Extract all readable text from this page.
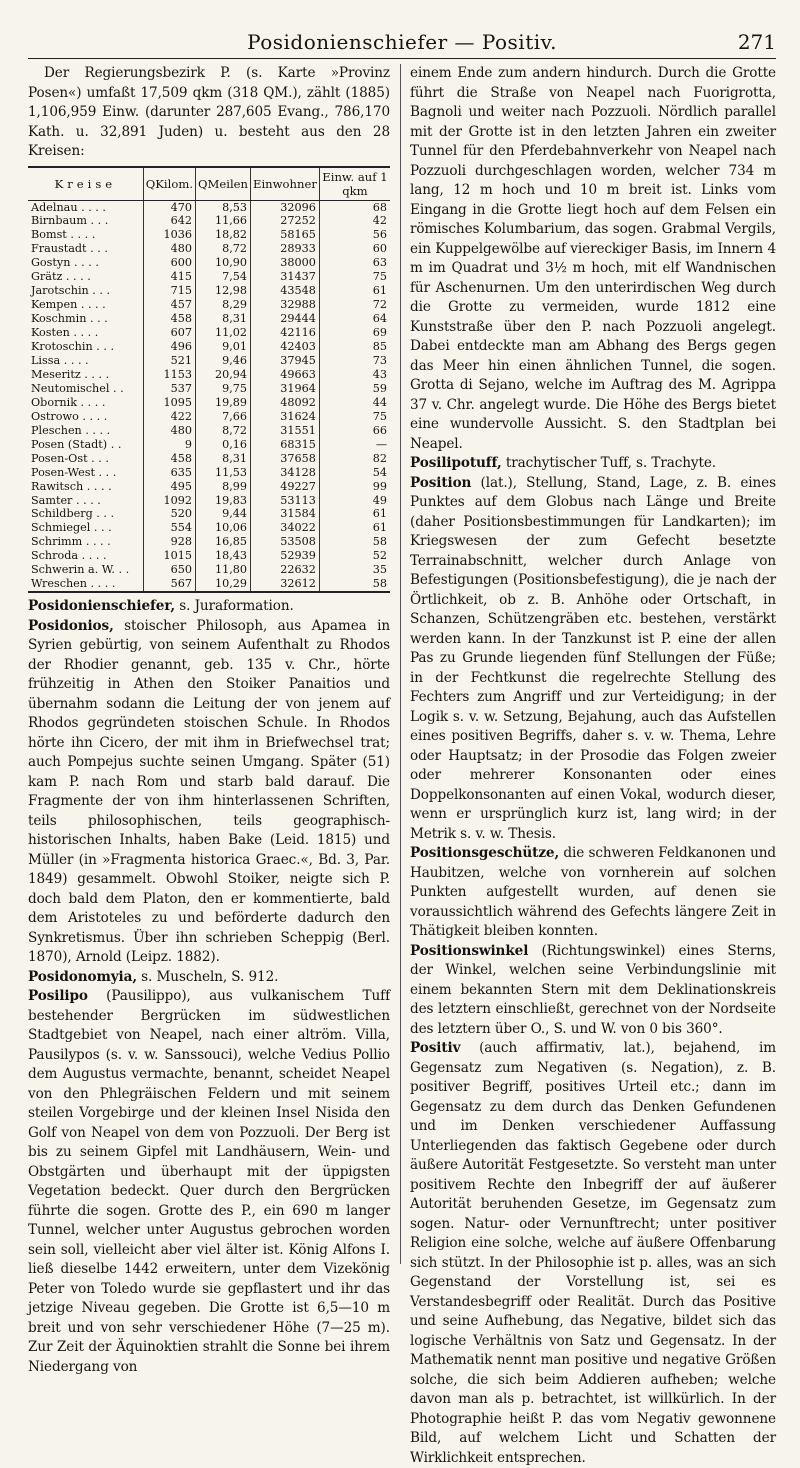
Posidonienschiefer — Positiv.	271

Der Regierungsbezirk P. (s. Karte »Provinz Posen«) umfaßt 17,509 qkm (318 QM.), zählt (1885) 1,106,959 Einw. (darunter 287,605 Evang., 786,170 Kath. u. 32,891 Juden) u. besteht aus den 28 Kreisen:

Kreise	QKilom.	QMeilen	Einwohner	Einw. auf 1 qkm
Adelnau . . . .	470	8,53	32096	68
Birnbaum . . .	642	11,66	27252	42
Bomst . . . .	1036	18,82	58165	56
Fraustadt . . .	480	8,72	28933	60
Gostyn . . . .	600	10,90	38000	63
Grätz . . . .	415	7,54	31437	75
Jarotschin . . .	715	12,98	43548	61
Kempen . . . .	457	8,29	32988	72
Koschmin . . .	458	8,31	29444	64
Kosten . . . .	607	11,02	42116	69
Krotoschin . . .	496	9,01	42403	85
Lissa . . . .	521	9,46	37945	73
Meseritz . . . .	1153	20,94	49663	43
Neutomischel . .	537	9,75	31964	59
Obornik . . . .	1095	19,89	48092	44
Ostrowo . . . .	422	7,66	31624	75
Pleschen . . . .	480	8,72	31551	66
Posen (Stadt) . .	9	0,16	68315	—
Posen-Ost . . .	458	8,31	37658	82
Posen-West . . .	635	11,53	34128	54
Rawitsch . . . .	495	8,99	49227	99
Samter . . . .	1092	19,83	53113	49
Schildberg . . .	520	9,44	31584	61
Schmiegel . . .	554	10,06	34022	61
Schrimm . . . .	928	16,85	53508	58
Schroda . . . .	1015	18,43	52939	52
Schwerin a. W. . .	650	11,80	22632	35
Wreschen . . . .	567	10,29	32612	58

Posidonienschiefer, s. Juraformation.

Posidonios, stoischer Philosoph, aus Apamea in Syrien gebürtig, von seinem Aufenthalt zu Rhodos der Rhodier genannt, geb. 135 v. Chr., hörte frühzeitig in Athen den Stoiker Panaitios und übernahm sodann die Leitung der von jenem auf Rhodos gegründeten stoischen Schule. In Rhodos hörte ihn Cicero, der mit ihm in Briefwechsel trat; auch Pompejus suchte seinen Umgang. Später (51) kam P. nach Rom und starb bald darauf. Die Fragmente der von ihm hinterlassenen Schriften, teils philosophischen, teils geographisch-historischen Inhalts, haben Bake (Leid. 1815) und Müller (in »Fragmenta historica Graec.«, Bd. 3, Par. 1849) gesammelt. Obwohl Stoiker, neigte sich P. doch bald dem Platon, den er kommentierte, bald dem Aristoteles zu und beförderte dadurch den Synkretismus. Über ihn schrieben Scheppig (Berl. 1870), Arnold (Leipz. 1882).

Posidonomyia, s. Muscheln, S. 912.

Posilipo (Pausilippo), aus vulkanischem Tuff bestehender Bergrücken im südwestlichen Stadtgebiet von Neapel, nach einer altröm. Villa, Pausilypos (s. v. w. Sanssouci), welche Vedius Pollio dem Augustus vermachte, benannt, scheidet Neapel von den Phlegräischen Feldern und mit seinem steilen Vorgebirge und der kleinen Insel Nisida den Golf von Neapel von dem von Pozzuoli. Der Berg ist bis zu seinem Gipfel mit Landhäusern, Wein- und Obstgärten und überhaupt mit der üppigsten Vegetation bedeckt. Quer durch den Bergrücken führte die sogen. Grotte des P., ein 690 m langer Tunnel, welcher unter Augustus gebrochen worden sein soll, vielleicht aber viel älter ist. König Alfons I. ließ dieselbe 1442 erweitern, unter dem Vizekönig Peter von Toledo wurde sie gepflastert und ihr das jetzige Niveau gegeben. Die Grotte ist 6,5—10 m breit und von sehr verschiedener Höhe (7—25 m). Zur Zeit der Äquinoktien strahlt die Sonne bei ihrem Niedergang von

einem Ende zum andern hindurch. Durch die Grotte führt die Straße von Neapel nach Fuorigrotta, Bagnoli und weiter nach Pozzuoli. Nördlich parallel mit der Grotte ist in den letzten Jahren ein zweiter Tunnel für den Pferdebahnverkehr von Neapel nach Pozzuoli durchgeschlagen worden, welcher 734 m lang, 12 m hoch und 10 m breit ist. Links vom Eingang in die Grotte liegt hoch auf dem Felsen ein römisches Kolumbarium, das sogen. Grabmal Vergils, ein Kuppelgewölbe auf viereckiger Basis, im Innern 4 m im Quadrat und 3½ m hoch, mit elf Wandnischen für Aschenurnen. Um den unterirdischen Weg durch die Grotte zu vermeiden, wurde 1812 eine Kunststraße über den P. nach Pozzuoli angelegt. Dabei entdeckte man am Abhang des Bergs gegen das Meer hin einen ähnlichen Tunnel, die sogen. Grotta di Sejano, welche im Auftrag des M. Agrippa 37 v. Chr. angelegt wurde. Die Höhe des Bergs bietet eine wundervolle Aussicht. S. den Stadtplan bei Neapel.

Posilipotuff, trachytischer Tuff, s. Trachyte.

Position (lat.), Stellung, Stand, Lage, z. B. eines Punktes auf dem Globus nach Länge und Breite (daher Positionsbestimmungen für Landkarten); im Kriegswesen der zum Gefecht besetzte Terrainabschnitt, welcher durch Anlage von Befestigungen (Positionsbefestigung), die je nach der Örtlichkeit, ob z. B. Anhöhe oder Ortschaft, in Schanzen, Schützengräben etc. bestehen, verstärkt werden kann. In der Tanzkunst ist P. eine der allen Pas zu Grunde liegenden fünf Stellungen der Füße; in der Fechtkunst die regelrechte Stellung des Fechters zum Angriff und zur Verteidigung; in der Logik s. v. w. Setzung, Bejahung, auch das Aufstellen eines positiven Begriffs, daher s. v. w. Thema, Lehre oder Hauptsatz; in der Prosodie das Folgen zweier oder mehrerer Konsonanten oder eines Doppelkonsonanten auf einen Vokal, wodurch dieser, wenn er ursprünglich kurz ist, lang wird; in der Metrik s. v. w. Thesis.

Positionsgeschütze, die schweren Feldkanonen und Haubitzen, welche von vornherein auf solchen Punkten aufgestellt wurden, auf denen sie voraussichtlich während des Gefechts längere Zeit in Thätigkeit bleiben konnten.

Positionswinkel (Richtungswinkel) eines Sterns, der Winkel, welchen seine Verbindungslinie mit einem bekannten Stern mit dem Deklinationskreis des letztern einschließt, gerechnet von der Nordseite des letztern über O., S. und W. von 0 bis 360°.

Positiv (auch affirmativ, lat.), bejahend, im Gegensatz zum Negativen (s. Negation), z. B. positiver Begriff, positives Urteil etc.; dann im Gegensatz zu dem durch das Denken Gefundenen und im Denken verschiedener Auffassung Unterliegenden das faktisch Gegebene oder durch äußere Autorität Festgesetzte. So versteht man unter positivem Rechte den Inbegriff der auf äußerer Autorität beruhenden Gesetze, im Gegensatz zum sogen. Natur- oder Vernunftrecht; unter positiver Religion eine solche, welche auf äußere Offenbarung sich stützt. In der Philosophie ist p. alles, was an sich Gegenstand der Vorstellung ist, sei es Verstandesbegriff oder Realität. Durch das Positive und seine Aufhebung, das Negative, bildet sich das logische Verhältnis von Satz und Gegensatz. In der Mathematik nennt man positive und negative Größen solche, die sich beim Addieren aufheben; welche davon man als p. betrachtet, ist willkürlich. In der Photographie heißt P. das vom Negativ gewonnene Bild, auf welchem Licht und Schatten der Wirklichkeit entsprechen.
